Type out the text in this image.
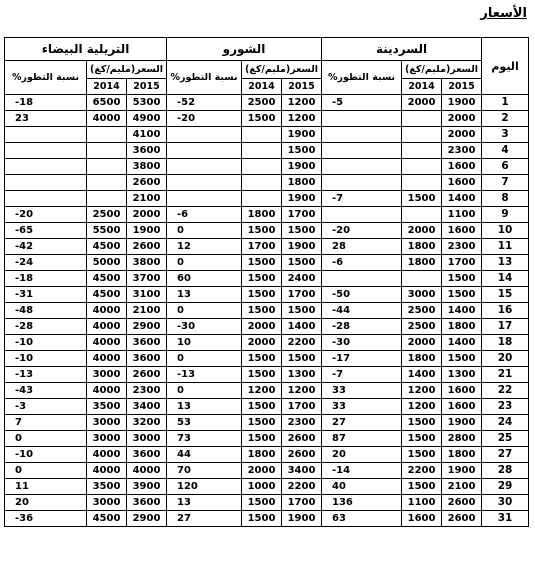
الأسعار
اليوم	السردينة			الشورو			التريلية البيضاء		
	السعر(مليم/كغ)		نسبة التطور%	السعر(مليم/كغ)		نسبة التطور%	السعر(مليم/كغ)		نسبة التطور%
	2015	2014		2015	2014		2015	2014	
1	1900	2000	5-	1200	2500	52-	5300	6500	18-
2	2000			1200	1500	20-	4900	4000	23
3	2000			1900			4100		
4	2300			1500			3600		
6	1600			1900			3800		
7	1600			1800			2600		
8	1400	1500	7-	1900			2100		
9	1100			1700	1800	6-	2000	2500	20-
10	1600	2000	20-	1500	1500	0	1900	5500	65-
11	2300	1800	28	1900	1700	12	2600	4500	42-
13	1700	1800	6-	1500	1500	0	3800	5000	24-
14	1500			2400	1500	60	3700	4500	18-
15	1500	3000	50-	1700	1500	13	3100	4500	31-
16	1400	2500	44-	1500	1500	0	2100	4000	48-
17	1800	2500	28-	1400	2000	30-	2900	4000	28-
18	1400	2000	30-	2200	2000	10	3600	4000	10-
20	1500	1800	17-	1500	1500	0	3600	4000	10-
21	1300	1400	7-	1300	1500	13-	2600	3000	13-
22	1600	1200	33	1200	1200	0	2300	4000	43-
23	1600	1200	33	1700	1500	13	3400	3500	3-
24	1900	1500	27	2300	1500	53	3200	3000	7
25	2800	1500	87	2600	1500	73	3000	3000	0
27	1800	1500	20	2600	1800	44	3600	4000	10-
28	1900	2200	14-	3400	2000	70	4000	4000	0
29	2100	1500	40	2200	1000	120	3900	3500	11
30	2600	1100	136	1700	1500	13	3600	3000	20
31	2600	1600	63	1900	1500	27	2900	4500	36-
